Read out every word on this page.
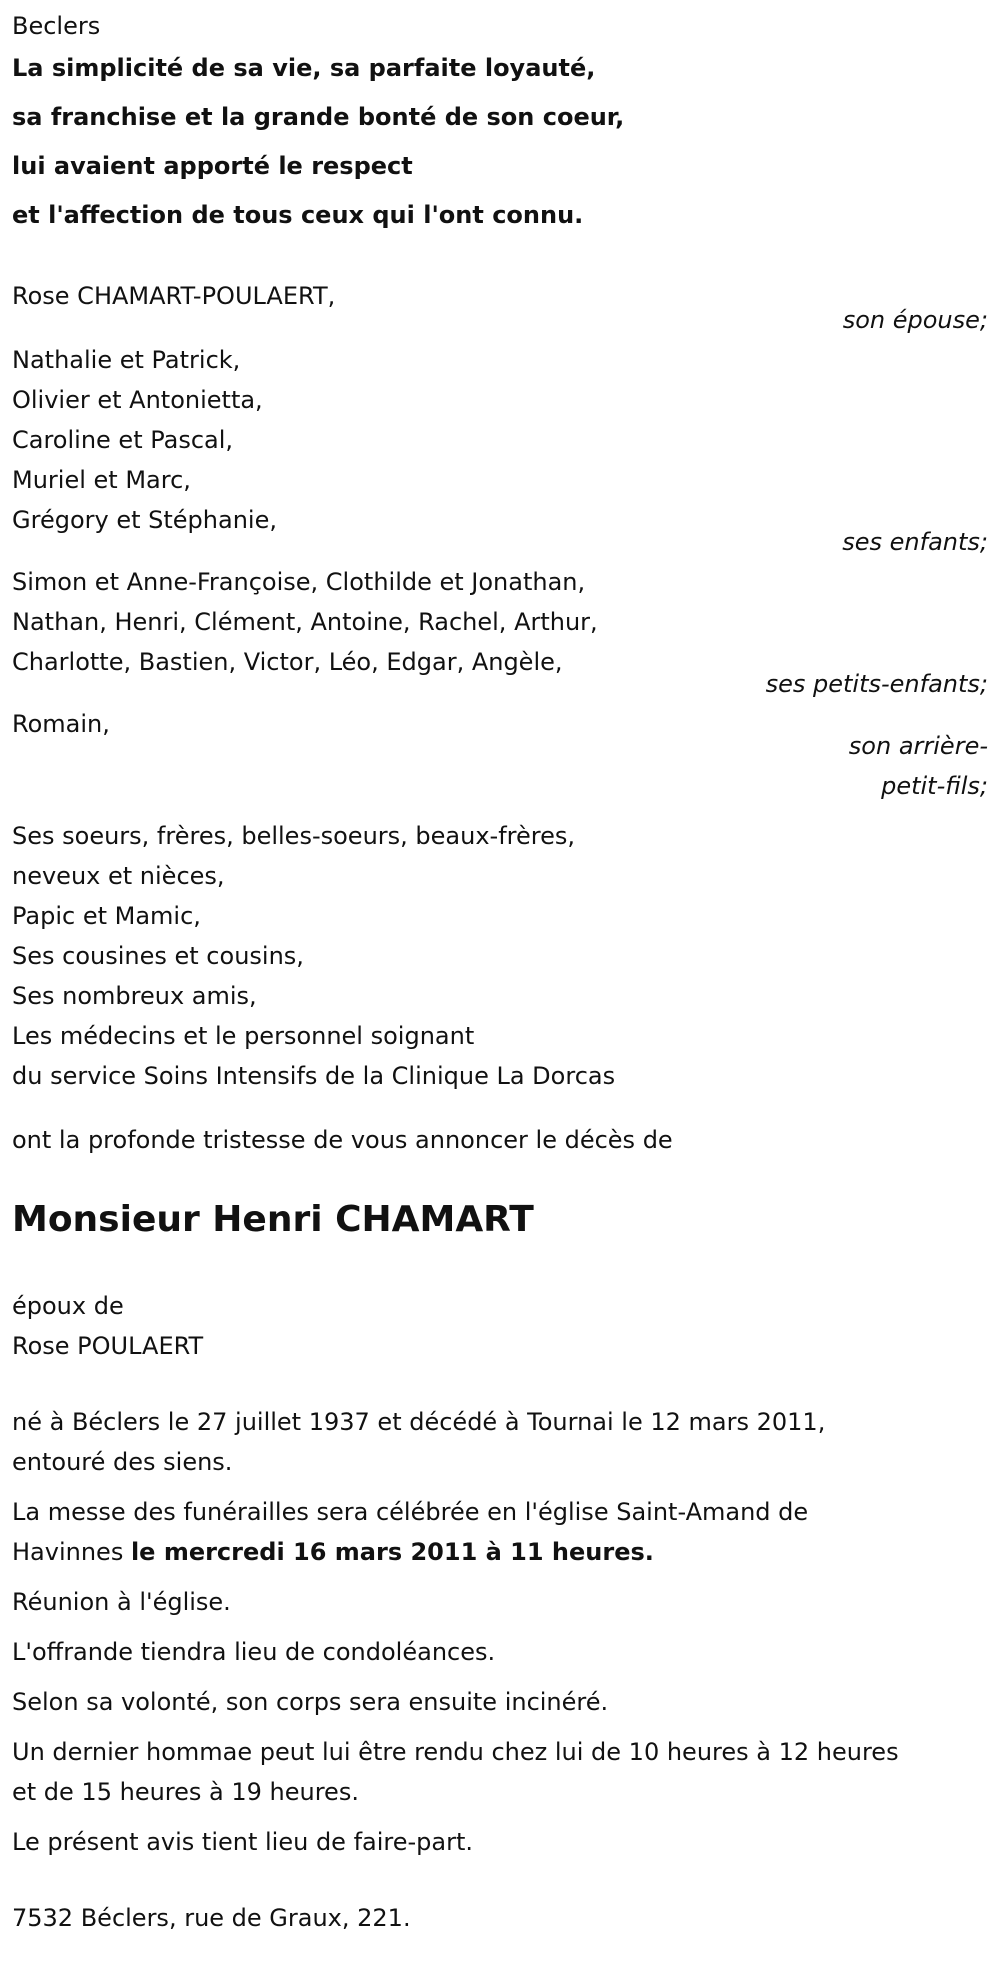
Beclers
La simplicité de sa vie, sa parfaite loyauté,
sa franchise et la grande bonté de son coeur,
lui avaient apporté le respect
et l'affection de tous ceux qui l'ont connu.
Rose CHAMART-POULAERT,
son épouse;
Nathalie et Patrick,
Olivier et Antonietta,
Caroline et Pascal,
Muriel et Marc,
Grégory et Stéphanie,
ses enfants;
Simon et Anne-Françoise, Clothilde et Jonathan,
Nathan, Henri, Clément, Antoine, Rachel, Arthur,
Charlotte, Bastien, Victor, Léo, Edgar, Angèle,
ses petits-enfants;
Romain,
son arrière-
petit-fils;
Ses soeurs, frères, belles-soeurs, beaux-frères,
neveux et nièces,
Papic et Mamic,
Ses cousines et cousins,
Ses nombreux amis,
Les médecins et le personnel soignant
du service Soins Intensifs de la Clinique La Dorcas
ont la profonde tristesse de vous annoncer le décès de
Monsieur Henri CHAMART
époux de
Rose POULAERT
né à Béclers le 27 juillet 1937 et décédé à Tournai le 12 mars 2011,
entouré des siens.
La messe des funérailles sera célébrée en l'église Saint-Amand de
Havinnes le mercredi 16 mars 2011 à 11 heures.
Réunion à l'église.
L'offrande tiendra lieu de condoléances.
Selon sa volonté, son corps sera ensuite incinéré.
Un dernier hommae peut lui être rendu chez lui de 10 heures à 12 heures
et de 15 heures à 19 heures.
Le présent avis tient lieu de faire-part.
7532 Béclers, rue de Graux, 221.
